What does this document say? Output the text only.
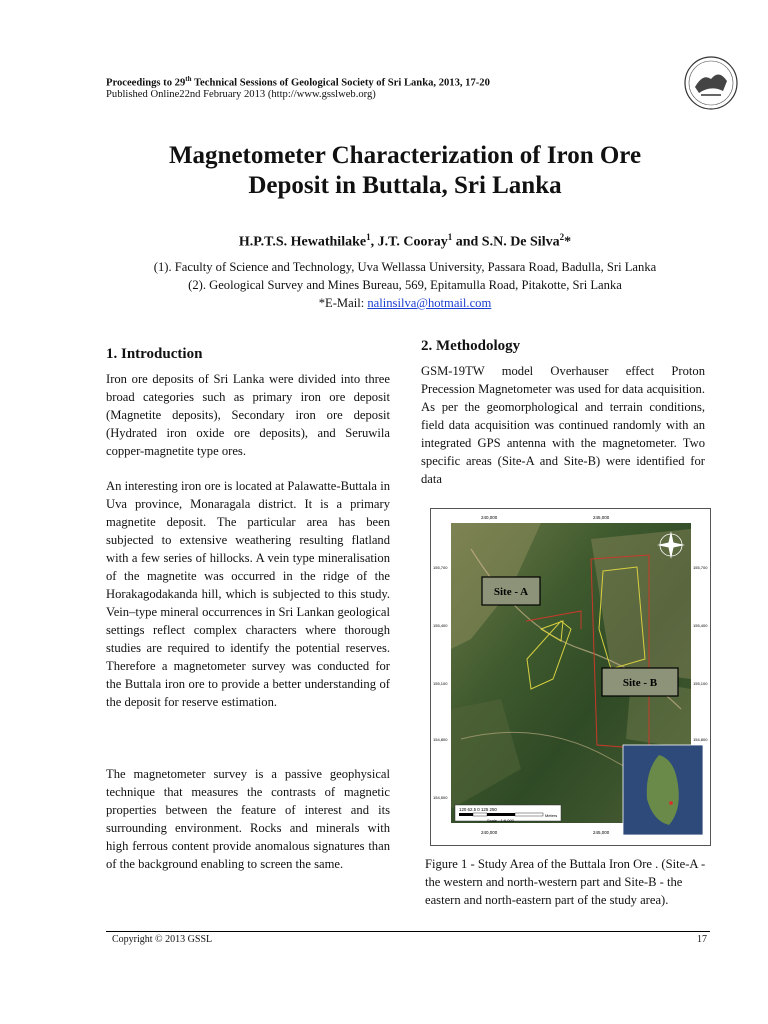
Proceedings to 29th Technical Sessions of Geological Society of Sri Lanka, 2013, 17-20
Published Online22nd February 2013 (http://www.gsslweb.org)
Magnetometer Characterization of Iron Ore
Deposit in Buttala, Sri Lanka
H.P.T.S. Hewathilake$^1$, J.T. Cooray$^1$ and S.N. De Silva$^2$*
(1). Faculty of Science and Technology, Uva Wellassa University, Passara Road, Badulla, Sri Lanka
(2). Geological Survey and Mines Bureau, 569, Epitamulla Road, Pitakotte, Sri Lanka
*E-Mail: nalinsilva@hotmail.com
1. Introduction

Iron ore deposits of Sri Lanka were divided into three broad categories such as primary iron ore deposit (Magnetite deposits), Secondary iron ore deposit (Hydrated iron oxide ore deposits), and Seruwila copper-magnetite type ores.

An interesting iron ore is located at Palawatte-Buttala in Uva province, Monaragala district. It is a primary magnetite deposit. The particular area has been subjected to extensive weathering resulting flatland with a few series of hillocks. A vein type mineralisation of the magnetite was occurred in the ridge of the Horakagodakanda hill, which is subjected to this study. Vein–type mineral occurrences in Sri Lankan geological settings reflect complex characters where thorough studies are required to identify the potential reserves. Therefore a magnetometer survey was conducted for the Buttala iron ore to provide a better understanding of the deposit for reserve estimation.

The magnetometer survey is a passive geophysical technique that measures the contrasts of magnetic properties between the feature of interest and its surrounding environment. Rocks and minerals with high ferrous content provide anomalous signatures than of the background enabling to screen the same.

2. Methodology

GSM-19TW model Overhauser effect Proton Precession Magnetometer was used for data acquisition. As per the geomorphological and terrain conditions, field data acquisition was continued randomly with an integrated GPS antenna with the magnetometer. Two specific areas (Site-A and Site-B) were identified for data

120 62.5 0 125 250
Meters
Scale - 1:6,000
240,000	245,000
240,000	245,000
155,700
155,400
155,100
154,800
154,500
155,700
155,400
155,100
154,800
Site - A
Site - B
Figure 1 - Study Area of the Buttala Iron Ore . (Site-A - the western and north-western part and Site-B - the eastern and north-eastern part of the study area).
Copyright © 2013 GSSL	17
